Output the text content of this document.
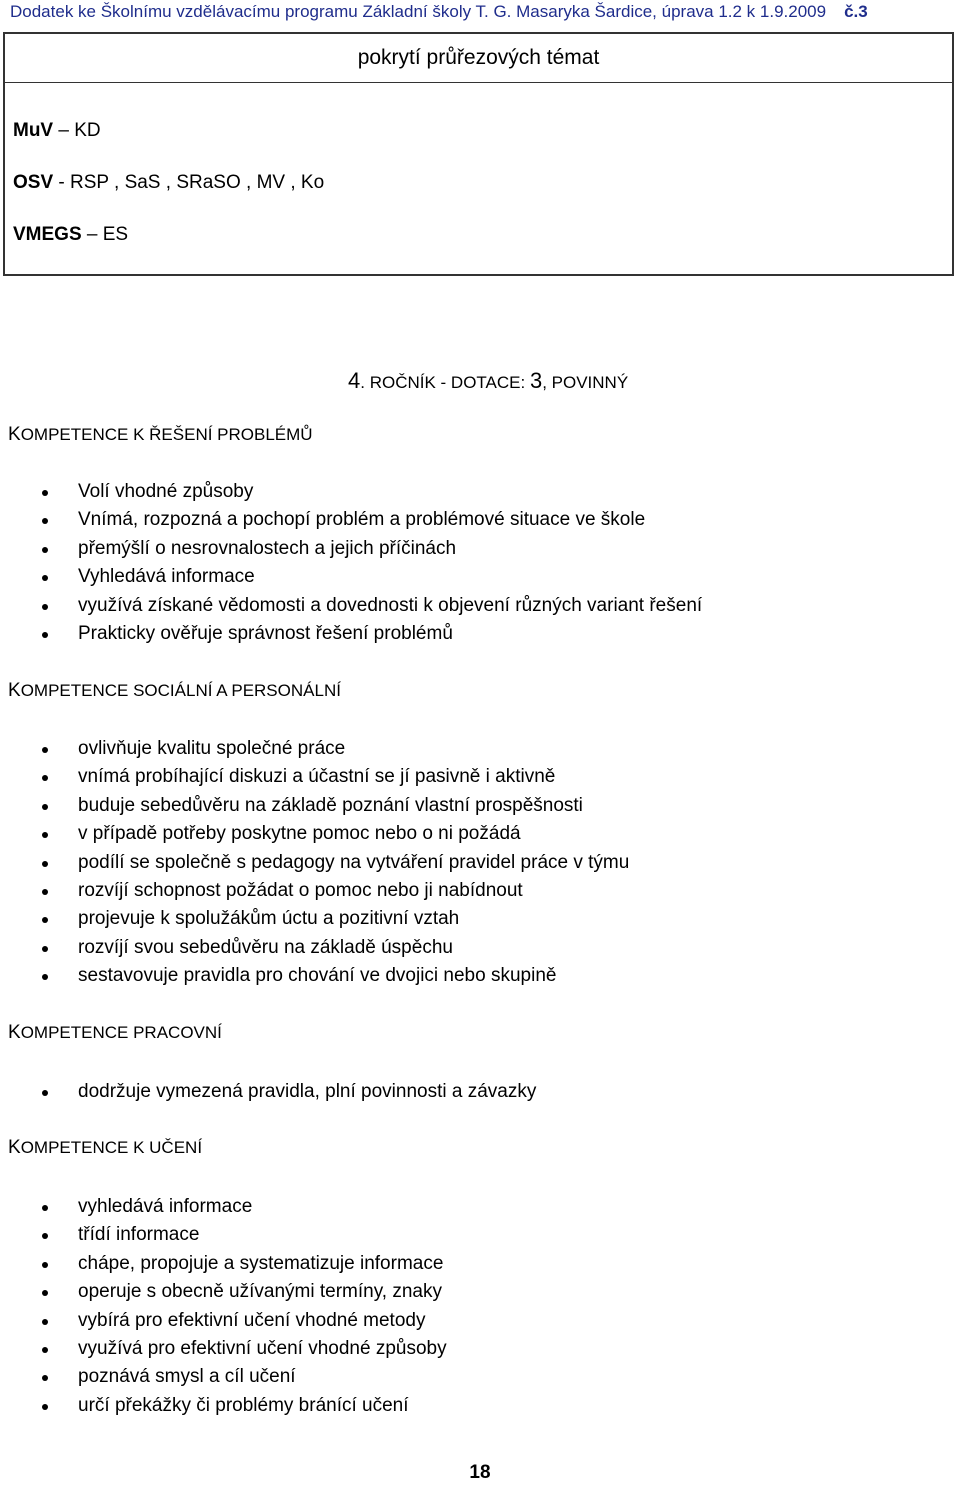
Dodatek ke Školnímu vzdělávacímu programu Základní školy T. G. Masaryka Šardice, úprava 1.2 k 1.9.2009 č.3
pokrytí průřezových témat
MuV – KD
OSV - RSP , SaS , SRaSO , MV , Ko
VMEGS – ES
4. ROČNÍK - DOTACE: 3, POVINNÝ
KOMPETENCE K ŘEŠENÍ PROBLÉMŮ
Volí vhodné způsoby
Vnímá, rozpozná a pochopí problém a problémové situace ve škole
přemýšlí o nesrovnalostech a jejich příčinách
Vyhledává informace
využívá získané vědomosti a dovednosti k objevení různých variant řešení
Prakticky ověřuje správnost řešení problémů
KOMPETENCE SOCIÁLNÍ A PERSONÁLNÍ
ovlivňuje kvalitu společné práce
vnímá probíhající diskuzi a účastní se jí pasivně i aktivně
buduje sebedůvěru na základě poznání vlastní prospěšnosti
v případě potřeby poskytne pomoc nebo o ni požádá
podílí se společně s pedagogy na vytváření pravidel práce v týmu
rozvíjí schopnost požádat o pomoc nebo ji nabídnout
projevuje k spolužákům úctu a pozitivní vztah
rozvíjí svou sebedůvěru na základě úspěchu
sestavovuje pravidla pro chování ve dvojici nebo skupině
KOMPETENCE PRACOVNÍ
dodržuje vymezená pravidla, plní povinnosti a závazky
KOMPETENCE K UČENÍ
vyhledává informace
třídí informace
chápe, propojuje a systematizuje informace
operuje s obecně užívanými termíny, znaky
vybírá pro efektivní učení vhodné metody
využívá pro efektivní učení vhodné způsoby
poznává smysl a cíl učení
určí překážky či problémy bránící učení
18
